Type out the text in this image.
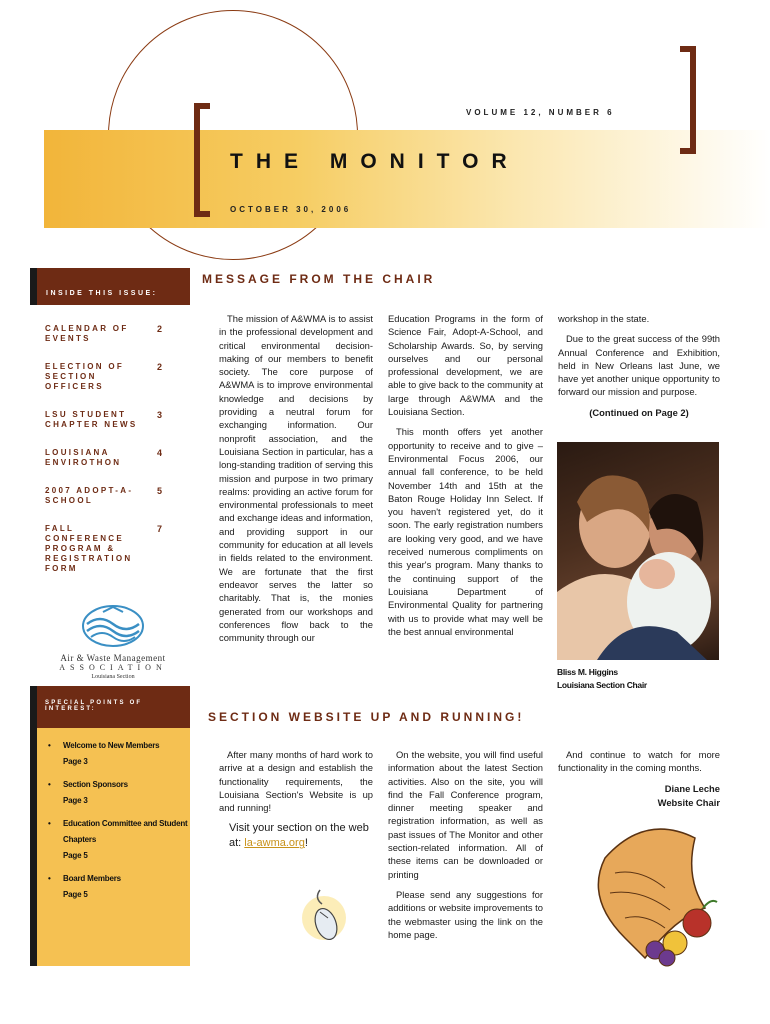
VOLUME 12, NUMBER 6
THE MONITOR
OCTOBER 30, 2006
INSIDE THIS ISSUE:
CALENDAR OF EVENTS
2
ELECTION OF SECTION OFFICERS
2
LSU STUDENT CHAPTER NEWS
3
LOUISIANA ENVIROTHON
4
2007 ADOPT-A-SCHOOL
5
FALL CONFERENCE PROGRAM & REGISTRATION FORM
7
Air & Waste Management
ASSOCIATION
Louisiana Section
SPECIAL POINTS OF INTEREST:
• Welcome to New Members
Page 3
• Section Sponsors
Page 3
• Education Committee and Student Chapters
Page 5
• Board Members
Page 5
MESSAGE FROM THE CHAIR

The mission of A&WMA is to assist in the professional development and critical environmental decision-making of our members to benefit society. The core purpose of A&WMA is to improve environmental knowledge and decisions by providing a neutral forum for exchanging information. Our nonprofit association, and the Louisiana Section in particular, has a long-standing tradition of serving this mission and purpose in two primary realms: providing an active forum for environmental professionals to meet and exchange ideas and information, and providing support in our community for education at all levels in fields related to the environment. We are fortunate that the first endeavor serves the latter so charitably. That is, the monies generated from our workshops and conferences flow back to the community through our

Education Programs in the form of Science Fair, Adopt-A-School, and Scholarship Awards. So, by serving ourselves and our personal professional development, we are able to give back to the community at large through A&WMA and the Louisiana Section.

This month offers yet another opportunity to receive and to give – Environmental Focus 2006, our annual fall conference, to be held November 14th and 15th at the Baton Rouge Holiday Inn Select. If you haven't registered yet, do it soon. The early registration numbers are looking very good, and we have received numerous compliments on this year's program. Many thanks to the continuing support of the Louisiana Department of Environmental Quality for partnering with us to provide what may well be the best annual environmental

workshop in the state.

Due to the great success of the 99th Annual Conference and Exhibition, held in New Orleans last June, we have yet another unique opportunity to forward our mission and purpose.

(Continued on Page 2)

Bliss M. Higgins
Louisiana Section Chair
SECTION WEBSITE UP AND RUNNING!

After many months of hard work to arrive at a design and establish the functionality requirements, the Louisiana Section's Website is up and running!

Visit your section on the web at: la-awma.org!

On the website, you will find useful information about the latest Section activities. Also on the site, you will find the Fall Conference program, dinner meeting speaker and registration information, as well as past issues of The Monitor and other section-related information. All of these items can be downloaded or printing

Please send any suggestions for additions or website improvements to the webmaster using the link on the home page.

And continue to watch for more functionality in the coming months.

Diane Leche
Website Chair
